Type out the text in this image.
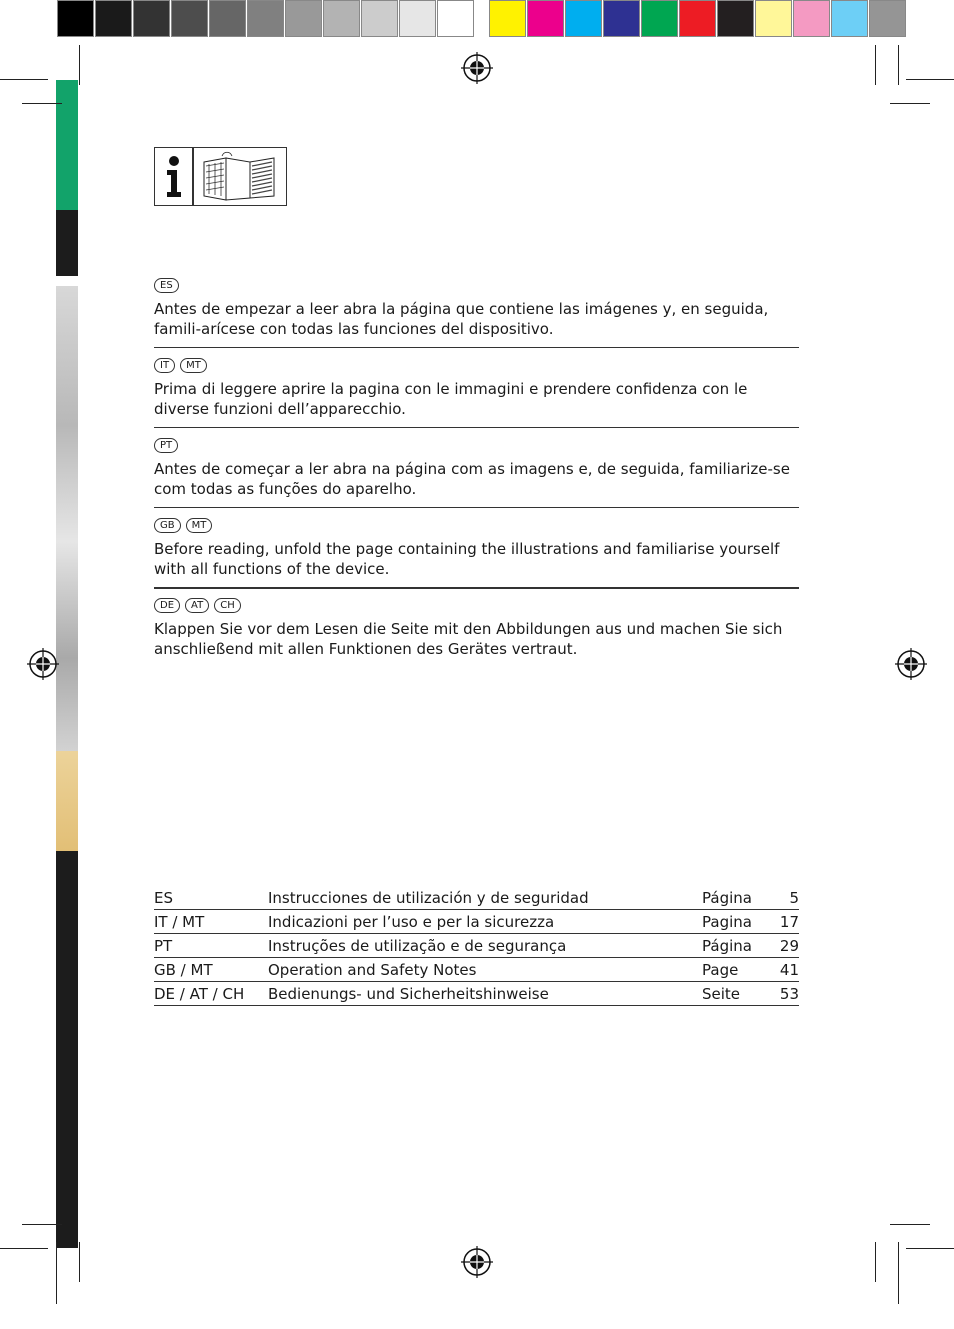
ES
Antes de empezar a leer abra la página que contiene las imágenes y, en seguida, famili-arícese con todas las funciones del dispositivo.
IT	MT
Prima di leggere aprire la pagina con le immagini e prendere confidenza con le diverse funzioni dell’apparecchio.
PT
Antes de começar a ler abra na página com as imagens e, de seguida, familiarize-se com todas as funções do aparelho.
GB	MT
Before reading, unfold the page containing the illustrations and familiarise yourself with all functions of the device.
DE	AT	CH
Klappen Sie vor dem Lesen die Seite mit den Abbildungen aus und machen Sie sich anschließend mit allen Funktionen des Gerätes vertraut.
ES	Instrucciones de utilización y de seguridad	Página	5
IT / MT	Indicazioni per l’uso e per la sicurezza	Pagina	17
PT	Instruções de utilização e de segurança	Página	29
GB / MT	Operation and Safety Notes	Page	41
DE / AT / CH	Bedienungs- und Sicherheitshinweise	Seite	53
